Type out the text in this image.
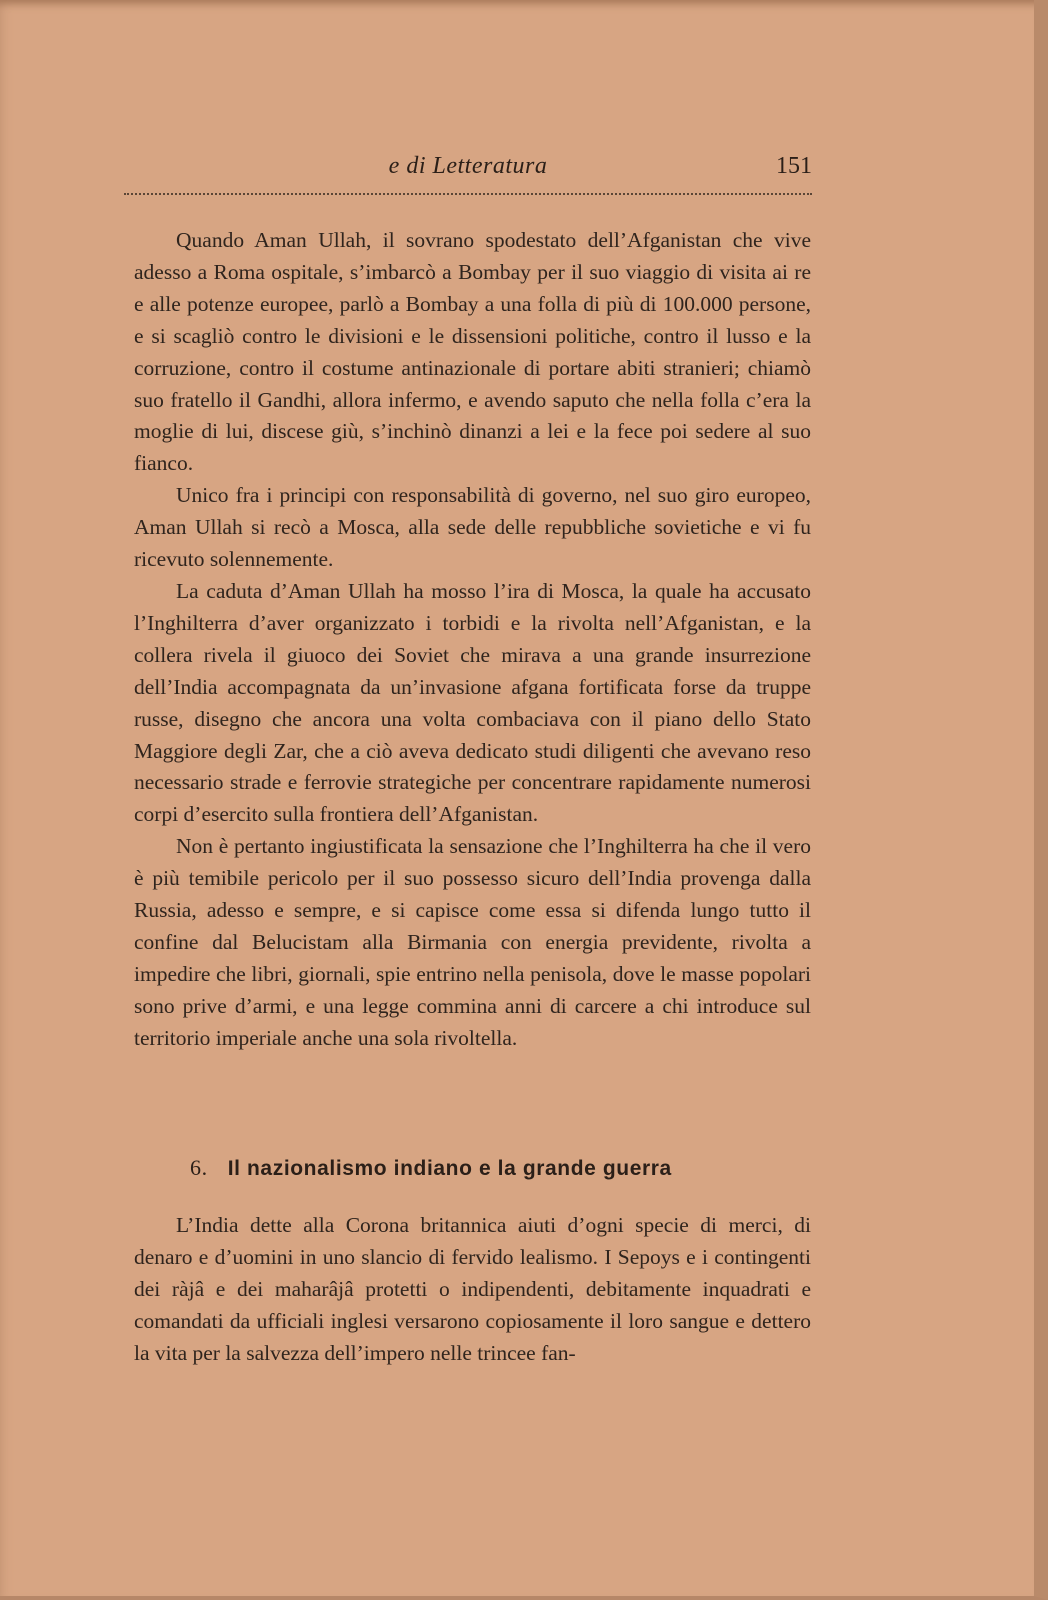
e di Letteratura	151

Quando Aman Ullah, il sovrano spodestato dell’Afganistan che vive adesso a Roma ospitale, s’imbarcò a Bombay per il suo viaggio di visita ai re e alle potenze europee, parlò a Bombay a una folla di più di 100.000 persone, e si scagliò contro le divisioni e le dissensioni politiche, contro il lusso e la corruzione, contro il costume antinazionale di portare abiti stranieri; chiamò suo fratello il Gandhi, allora infermo, e avendo saputo che nella folla c’era la moglie di lui, discese giù, s’inchinò dinanzi a lei e la fece poi sedere al suo fianco.

Unico fra i principi con responsabilità di governo, nel suo giro europeo, Aman Ullah si recò a Mosca, alla sede delle repubbliche sovietiche e vi fu ricevuto solennemente.

La caduta d’Aman Ullah ha mosso l’ira di Mosca, la quale ha accusato l’Inghilterra d’aver organizzato i torbidi e la rivolta nell’Afganistan, e la collera rivela il giuoco dei Soviet che mirava a una grande insurrezione dell’India accompagnata da un’invasione afgana fortificata forse da truppe russe, disegno che ancora una volta combaciava con il piano dello Stato Maggiore degli Zar, che a ciò aveva dedicato studi diligenti che avevano reso necessario strade e ferrovie strategiche per concentrare rapidamente numerosi corpi d’esercito sulla frontiera dell’Afganistan.

Non è pertanto ingiustificata la sensazione che l’Inghilterra ha che il vero è più temibile pericolo per il suo possesso sicuro dell’India provenga dalla Russia, adesso e sempre, e si capisce come essa si difenda lungo tutto il confine dal Belucistam alla Birmania con energia previdente, rivolta a impedire che libri, giornali, spie entrino nella penisola, dove le masse popolari sono prive d’armi, e una legge commina anni di carcere a chi introduce sul territorio imperiale anche una sola rivoltella.

6. Il nazionalismo indiano e la grande guerra

L’India dette alla Corona britannica aiuti d’ogni specie di merci, di denaro e d’uomini in uno slancio di fervido lealismo. I Sepoys e i contingenti dei ràjâ e dei maharâjâ protetti o indipendenti, debitamente inquadrati e comandati da ufficiali inglesi versarono copiosamente il loro sangue e dettero la vita per la salvezza dell’impero nelle trincee fan-
